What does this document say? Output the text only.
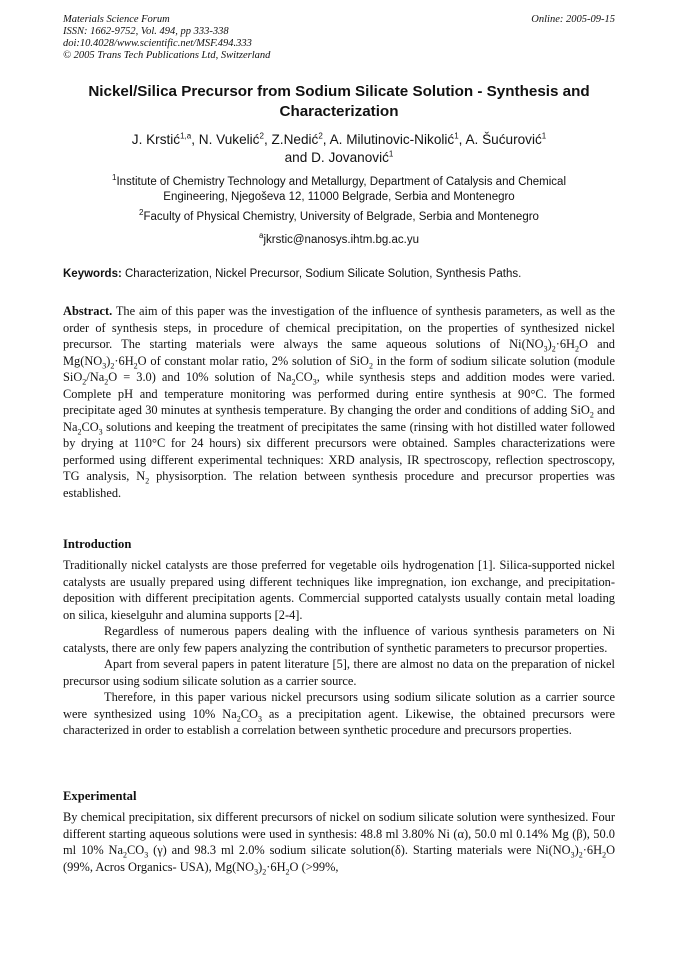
Materials Science Forum
ISSN: 1662-9752, Vol. 494, pp 333-338
doi:10.4028/www.scientific.net/MSF.494.333
© 2005 Trans Tech Publications Ltd, Switzerland
Online: 2005-09-15
Nickel/Silica Precursor from Sodium Silicate Solution - Synthesis and
Characterization
J. Krstić$^{1,a}$, N. Vukelić$^2$, Z.Nedić$^2$, A. Milutinovic-Nikolić$^1$, A. Šućurović$^1$
and D. Jovanović$^1$
$^1$Institute of Chemistry Technology and Metallurgy, Department of Catalysis and Chemical
Engineering, Njegoševa 12, 11000 Belgrade, Serbia and Montenegro
$^2$Faculty of Physical Chemistry, University of Belgrade, Serbia and Montenegro
$^a$jkrstic@nanosys.ihtm.bg.ac.yu
Keywords: Characterization, Nickel Precursor, Sodium Silicate Solution, Synthesis Paths.

Abstract. The aim of this paper was the investigation of the influence of synthesis parameters, as well as the order of synthesis steps, in procedure of chemical precipitation, on the properties of synthesized nickel precursor. The starting materials were always the same aqueous solutions of $Ni(NO_3)_2\cdot 6H_2O$ and $Mg(NO_3)_2\cdot 6H_2O$ of constant molar ratio, 2% solution of SiO$_2$ in the form of sodium silicate solution (module $SiO_2/Na_2O = 3.0$) and 10% solution of $Na_2CO_3$, while synthesis steps and addition modes were varied. Complete pH and temperature monitoring was performed during entire synthesis at 90°C. The formed precipitate aged 30 minutes at synthesis temperature. By changing the order and conditions of adding SiO$_2$ and $Na_2CO_3$ solutions and keeping the treatment of precipitates the same (rinsing with hot distilled water followed by drying at 110°C for 24 hours) six different precursors were obtained. Samples characterizations were performed using different experimental techniques: XRD analysis, IR spectroscopy, reflection spectroscopy, TG analysis, $N_2$ physisorption. The relation between synthesis procedure and precursor properties was established.

Introduction

Traditionally nickel catalysts are those preferred for vegetable oils hydrogenation [1]. Silica-supported nickel catalysts are usually prepared using different techniques like impregnation, ion exchange, and precipitation-deposition with different precipitation agents. Commercial supported catalysts usually contain metal loading on silica, kieselguhr and alumina supports [2-4].

Regardless of numerous papers dealing with the influence of various synthesis parameters on Ni catalysts, there are only few papers analyzing the contribution of synthetic parameters to precursor properties.

Apart from several papers in patent literature [5], there are almost no data on the preparation of nickel precursor using sodium silicate solution as a carrier source.

Therefore, in this paper various nickel precursors using sodium silicate solution as a carrier source were synthesized using 10% $Na_2CO_3$ as a precipitation agent. Likewise, the obtained precursors were characterized in order to establish a correlation between synthetic procedure and precursors properties.

Experimental

By chemical precipitation, six different precursors of nickel on sodium silicate solution were synthesized. Four different starting aqueous solutions were used in synthesis: 48.8 ml 3.80% Ni (α), 50.0 ml 0.14% Mg (β), 50.0 ml 10% $Na_2CO_3$ (γ) and 98.3 ml 2.0% sodium silicate solution(δ). Starting materials were $Ni(NO_3)_2\cdot 6H_2O$ (99%, Acros Organics- USA), $Mg(NO_3)_2\cdot 6H_2O$ (>99%,
